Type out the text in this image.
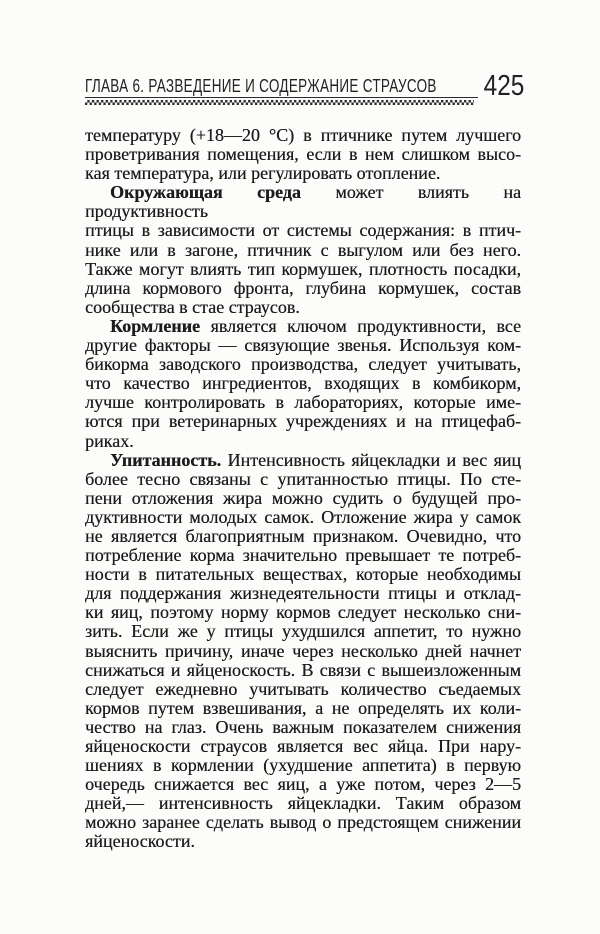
ГЛАВА 6. РАЗВЕДЕНИЕ И СОДЕРЖАНИЕ СТРАУСОВ 425
температуру (+18—20 °С) в птичнике путем лучшего
проветривания помещения, если в нем слишком высо-
кая температура, или регулировать отопление.
Окружающая среда может влиять на продуктивность
птицы в зависимости от системы содержания: в птич-
нике или в загоне, птичник с выгулом или без него.
Также могут влиять тип кормушек, плотность посадки,
длина кормового фронта, глубина кормушек, состав
сообщества в стае страусов.
Кормление является ключом продуктивности, все
другие факторы — связующие звенья. Используя ком-
бикорма заводского производства, следует учитывать,
что качество ингредиентов, входящих в комбикорм,
лучше контролировать в лабораториях, которые име-
ются при ветеринарных учреждениях и на птицефаб-
риках.
Упитанность. Интенсивность яйцекладки и вес яиц
более тесно связаны с упитанностью птицы. По сте-
пени отложения жира можно судить о будущей про-
дуктивности молодых самок. Отложение жира у самок
не является благоприятным признаком. Очевидно, что
потребление корма значительно превышает те потреб-
ности в питательных веществах, которые необходимы
для поддержания жизнедеятельности птицы и отклад-
ки яиц, поэтому норму кормов следует несколько сни-
зить. Если же у птицы ухудшился аппетит, то нужно
выяснить причину, иначе через несколько дней начнет
снижаться и яйценоскость. В связи с вышеизложенным
следует ежедневно учитывать количество съедаемых
кормов путем взвешивания, а не определять их коли-
чество на глаз. Очень важным показателем снижения
яйценоскости страусов является вес яйца. При нару-
шениях в кормлении (ухудшение аппетита) в первую
очередь снижается вес яиц, а уже потом, через 2—5
дней,— интенсивность яйцекладки. Таким образом
можно заранее сделать вывод о предстоящем снижении
яйценоскости.
